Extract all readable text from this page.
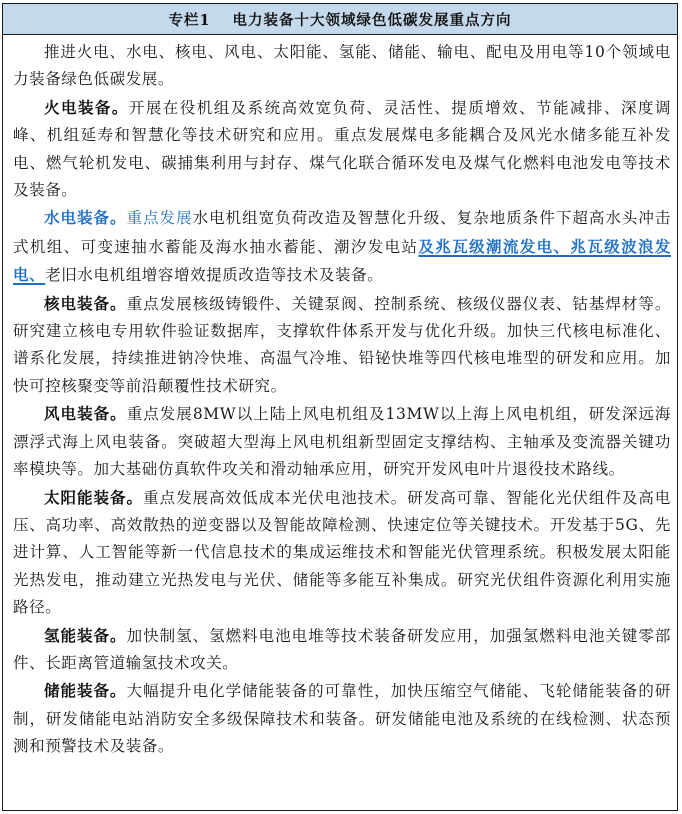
专栏1 电力装备十大领域绿色低碳发展重点方向

推进火电、水电、核电、风电、太阳能、氢能、储能、输电、配电及用电等10个领域电力装备绿色低碳发展。

火电装备。开展在役机组及系统高效宽负荷、灵活性、提质增效、节能减排、深度调峰、机组延寿和智慧化等技术研究和应用。重点发展煤电多能耦合及风光水储多能互补发电、燃气轮机发电、碳捕集利用与封存、煤气化联合循环发电及煤气化燃料电池发电等技术及装备。

水电装备。重点发展水电机组宽负荷改造及智慧化升级、复杂地质条件下超高水头冲击式机组、可变速抽水蓄能及海水抽水蓄能、潮汐发电站及兆瓦级潮流发电、兆瓦级波浪发电、老旧水电机组增容增效提质改造等技术及装备。

核电装备。重点发展核级铸锻件、关键泵阀、控制系统、核级仪器仪表、钴基焊材等。研究建立核电专用软件验证数据库，支撑软件体系开发与优化升级。加快三代核电标准化、谱系化发展，持续推进钠冷快堆、高温气冷堆、铅铋快堆等四代核电堆型的研发和应用。加快可控核聚变等前沿颠覆性技术研究。

风电装备。重点发展8MW以上陆上风电机组及13MW以上海上风电机组，研发深远海漂浮式海上风电装备。突破超大型海上风电机组新型固定支撑结构、主轴承及变流器关键功率模块等。加大基础仿真软件攻关和滑动轴承应用，研究开发风电叶片退役技术路线。

太阳能装备。重点发展高效低成本光伏电池技术。研发高可靠、智能化光伏组件及高电压、高功率、高效散热的逆变器以及智能故障检测、快速定位等关键技术。开发基于5G、先进计算、人工智能等新一代信息技术的集成运维技术和智能光伏管理系统。积极发展太阳能光热发电，推动建立光热发电与光伏、储能等多能互补集成。研究光伏组件资源化利用实施路径。

氢能装备。加快制氢、氢燃料电池电堆等技术装备研发应用，加强氢燃料电池关键零部件、长距离管道输氢技术攻关。

储能装备。大幅提升电化学储能装备的可靠性，加快压缩空气储能、飞轮储能装备的研制，研发储能电站消防安全多级保障技术和装备。研发储能电池及系统的在线检测、状态预测和预警技术及装备。
